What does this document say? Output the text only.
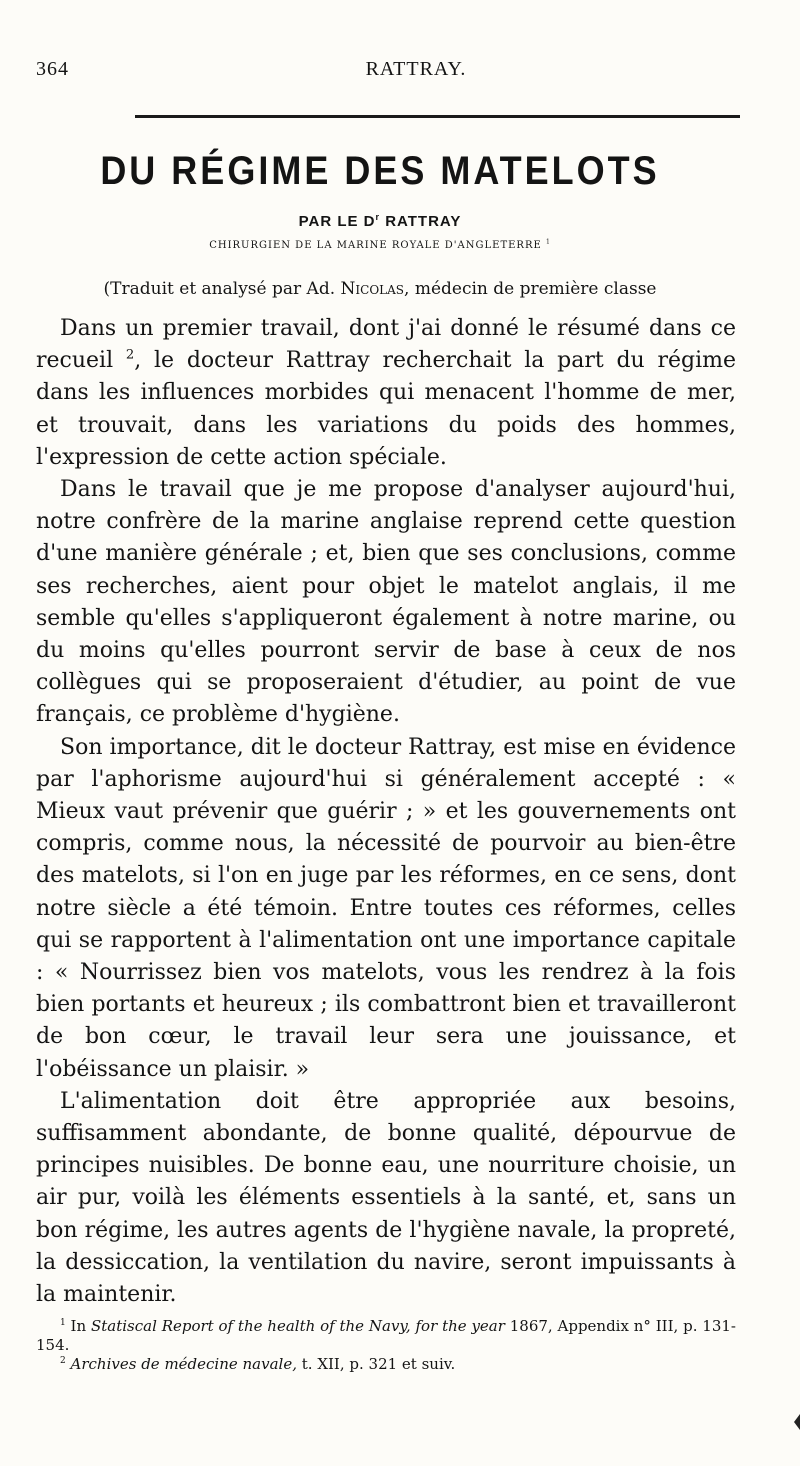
364	RATTRAY.
DU RÉGIME DES MATELOTS
PAR LE $D^r$ RATTRAY
CHIRURGIEN DE LA MARINE ROYALE D'ANGLETERRE $^1$
(Traduit et analysé par Ad. Nicolas, médecin de première classe

Dans un premier travail, dont j'ai donné le résumé dans ce recueil $^2$, le docteur Rattray recherchait la part du régime dans les influences morbides qui menacent l'homme de mer, et trouvait, dans les variations du poids des hommes, l'expression de cette action spéciale.

Dans le travail que je me propose d'analyser aujourd'hui, notre confrère de la marine anglaise reprend cette question d'une manière générale ; et, bien que ses conclusions, comme ses recherches, aient pour objet le matelot anglais, il me semble qu'elles s'appliqueront également à notre marine, ou du moins qu'elles pourront servir de base à ceux de nos collègues qui se proposeraient d'étudier, au point de vue français, ce problème d'hygiène.

Son importance, dit le docteur Rattray, est mise en évidence par l'aphorisme aujourd'hui si généralement accepté : « Mieux vaut prévenir que guérir ; » et les gouvernements ont compris, comme nous, la nécessité de pourvoir au bien-être des matelots, si l'on en juge par les réformes, en ce sens, dont notre siècle a été témoin. Entre toutes ces réformes, celles qui se rapportent à l'alimentation ont une importance capitale : « Nourrissez bien vos matelots, vous les rendrez à la fois bien portants et heureux ; ils combattront bien et travailleront de bon cœur, le travail leur sera une jouissance, et l'obéissance un plaisir. »

L'alimentation doit être appropriée aux besoins, suffisamment abondante, de bonne qualité, dépourvue de principes nuisibles. De bonne eau, une nourriture choisie, un air pur, voilà les éléments essentiels à la santé, et, sans un bon régime, les autres agents de l'hygiène navale, la propreté, la dessiccation, la ventilation du navire, seront impuissants à la maintenir.

$^1$ In Statiscal Report of the health of the Navy, for the year 1867, Appendix n° III, p. 131-154.

$^2$ Archives de médecine navale, t. XII, p. 321 et suiv.
